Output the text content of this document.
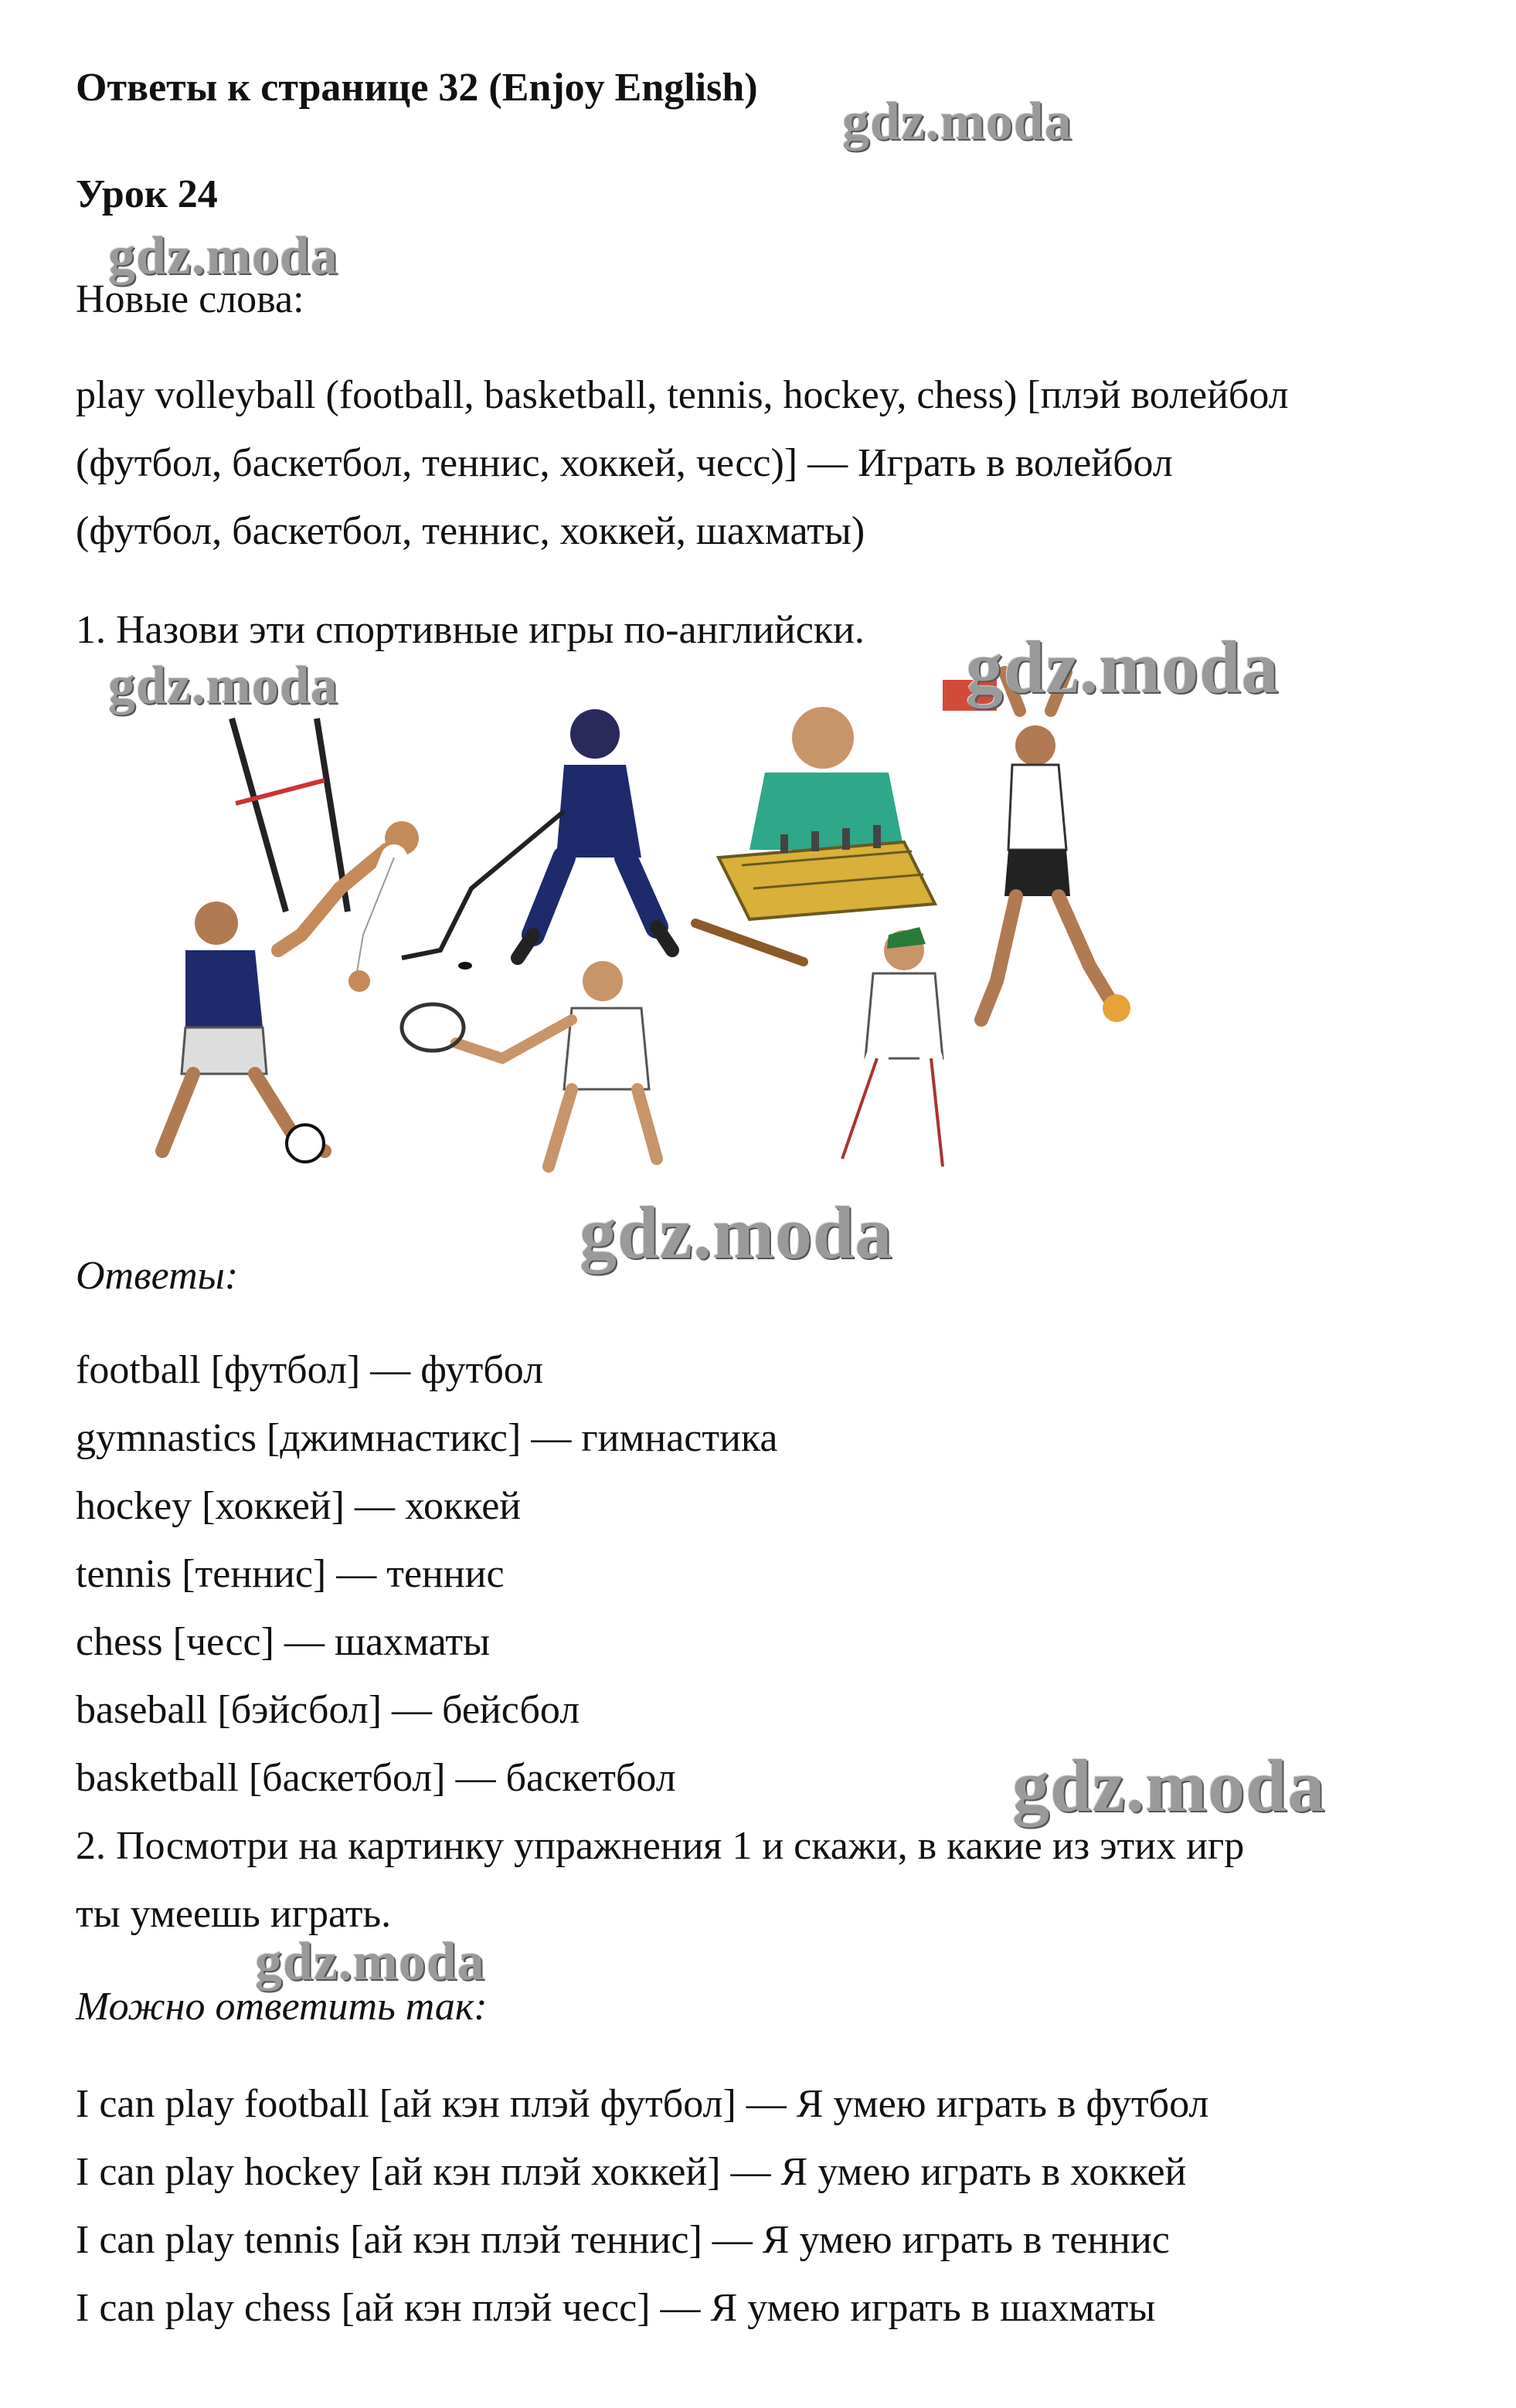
Ответы к странице 32 (Enjoy English)

Урок 24

Новые слова:

play volleyball (football, basketball, tennis, hockey, chess) [плэй волейбол

(футбол, баскетбол, теннис, хоккей, чесс)] — Играть в волейбол

(футбол, баскетбол, теннис, хоккей, шахматы)

1. Назови эти спортивные игры по-английски.

Ответы:

football [футбол] — футбол

gymnastics [джимнастикс] — гимнастика

hockey [хоккей] — хоккей

tennis [теннис] — теннис

chess [чесс] — шахматы

baseball [бэйсбол] — бейсбол

basketball [баскетбол] — баскетбол

2. Посмотри на картинку упражнения 1 и скажи, в какие из этих игр

ты умеешь играть.

Можно ответить так:

I can play football [ай кэн плэй футбол] — Я умею играть в футбол

I can play hockey [ай кэн плэй хоккей] — Я умею играть в хоккей

I can play tennis [ай кэн плэй теннис] — Я умею играть в теннис

I can play chess [ай кэн плэй чесс] — Я умею играть в шахматы

gdz.moda
gdz.moda
gdz.moda	gdz.moda
gdz.moda
gdz.moda
gdz.moda
